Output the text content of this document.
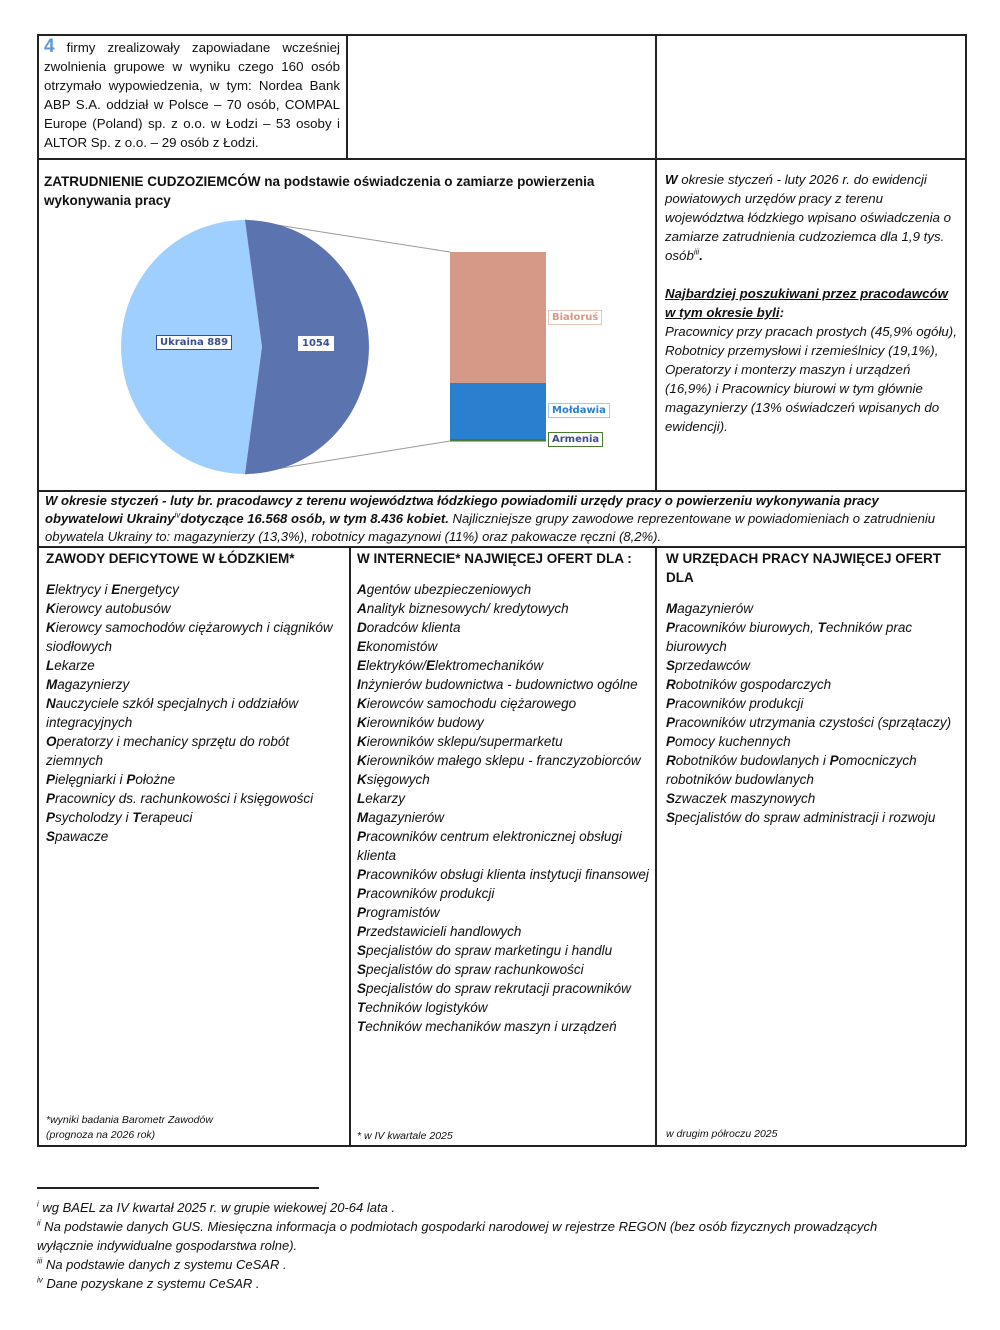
4 firmy zrealizowały zapowiadane wcześniej zwolnienia grupowe w wyniku czego 160 osób otrzymało wypowiedzenia, w tym: Nordea Bank ABP S.A. oddział w Polsce – 70 osób, COMPAL Europe (Poland) sp. z o.o. w Łodzi – 53 osoby i ALTOR Sp. z o.o. – 29 osób z Łodzi.
ZATRUDNIENIE CUDZOZIEMCÓW na podstawie oświadczenia o zamiarze powierzenia wykonywania pracy
Ukraina 889	1054
Białoruś
Mołdawia
Armenia
W okresie styczeń - luty 2026 r. do ewidencji powiatowych urzędów pracy z terenu województwa łódzkiego wpisano oświadczenia o zamiarze zatrudnienia cudzoziemca dla 1,9 tys. osób$^{iii}$.
Najbardziej poszukiwani przez pracodawców w tym okresie byli:
Pracownicy przy pracach prostych (45,9% ogółu), Robotnicy przemysłowi i rzemieślnicy (19,1%), Operatorzy i monterzy maszyn i urządzeń (16,9%) i Pracownicy biurowi w tym głównie magazynierzy (13% oświadczeń wpisanych do ewidencji).
W okresie styczeń - luty br. pracodawcy z terenu województwa łódzkiego powiadomili urzędy pracy o powierzeniu wykonywania pracy obywatelowi Ukrainy$^{iv}$dotyczące 16.568 osób, w tym 8.436 kobiet. Najliczniejsze grupy zawodowe reprezentowane w powiadomieniach o zatrudnieniu obywatela Ukrainy to: magazynierzy (13,3%), robotnicy magazynowi (11%) oraz pakowacze ręczni (8,2%).
ZAWODY DEFICYTOWE W ŁÓDZKIEM*
Elektrycy i Energetycy
Kierowcy autobusów
Kierowcy samochodów ciężarowych i ciągników siodłowych
Lekarze
Magazynierzy
Nauczyciele szkół specjalnych i oddziałów integracyjnych
Operatorzy i mechanicy sprzętu do robót ziemnych
Pielęgniarki i Położne
Pracownicy ds. rachunkowości i księgowości
Psycholodzy i Terapeuci
Spawacze
*wyniki badania Barometr Zawodów
(prognoza na 2026 rok)
W INTERNECIE* NAJWIĘCEJ OFERT DLA :
Agentów ubezpieczeniowych
Analityk biznesowych/ kredytowych
Doradców klienta
Ekonomistów
Elektryków/Elektromechaników
Inżynierów budownictwa - budownictwo ogólne
Kierowców samochodu ciężarowego
Kierowników budowy
Kierowników sklepu/supermarketu
Kierowników małego sklepu - franczyzobiorców
Księgowych
Lekarzy
Magazynierów
Pracowników centrum elektronicznej obsługi klienta
Pracowników obsługi klienta instytucji finansowej
Pracowników produkcji
Programistów
Przedstawicieli handlowych
Specjalistów do spraw marketingu i handlu
Specjalistów do spraw rachunkowości
Specjalistów do spraw rekrutacji pracowników
Techników logistyków
Techników mechaników maszyn i urządzeń
* w IV kwartale 2025
W URZĘDACH PRACY NAJWIĘCEJ OFERT DLA
Magazynierów
Pracowników biurowych, Techników prac biurowych
Sprzedawców
Robotników gospodarczych
Pracowników produkcji
Pracowników utrzymania czystości (sprzątaczy)
Pomocy kuchennych
Robotników budowlanych i Pomocniczych robotników budowlanych
Szwaczek maszynowych
Specjalistów do spraw administracji i rozwoju
w drugim półroczu 2025
$^i$ wg BAEL za IV kwartał 2025 r. w grupie wiekowej 20-64 lata .
$^{ii}$ Na podstawie danych GUS. Miesięczna informacja o podmiotach gospodarki narodowej w rejestrze REGON (bez osób fizycznych prowadzących wyłącznie indywidualne gospodarstwa rolne).
$^{iii}$ Na podstawie danych z systemu CeSAR .
$^{iv}$ Dane pozyskane z systemu CeSAR .
